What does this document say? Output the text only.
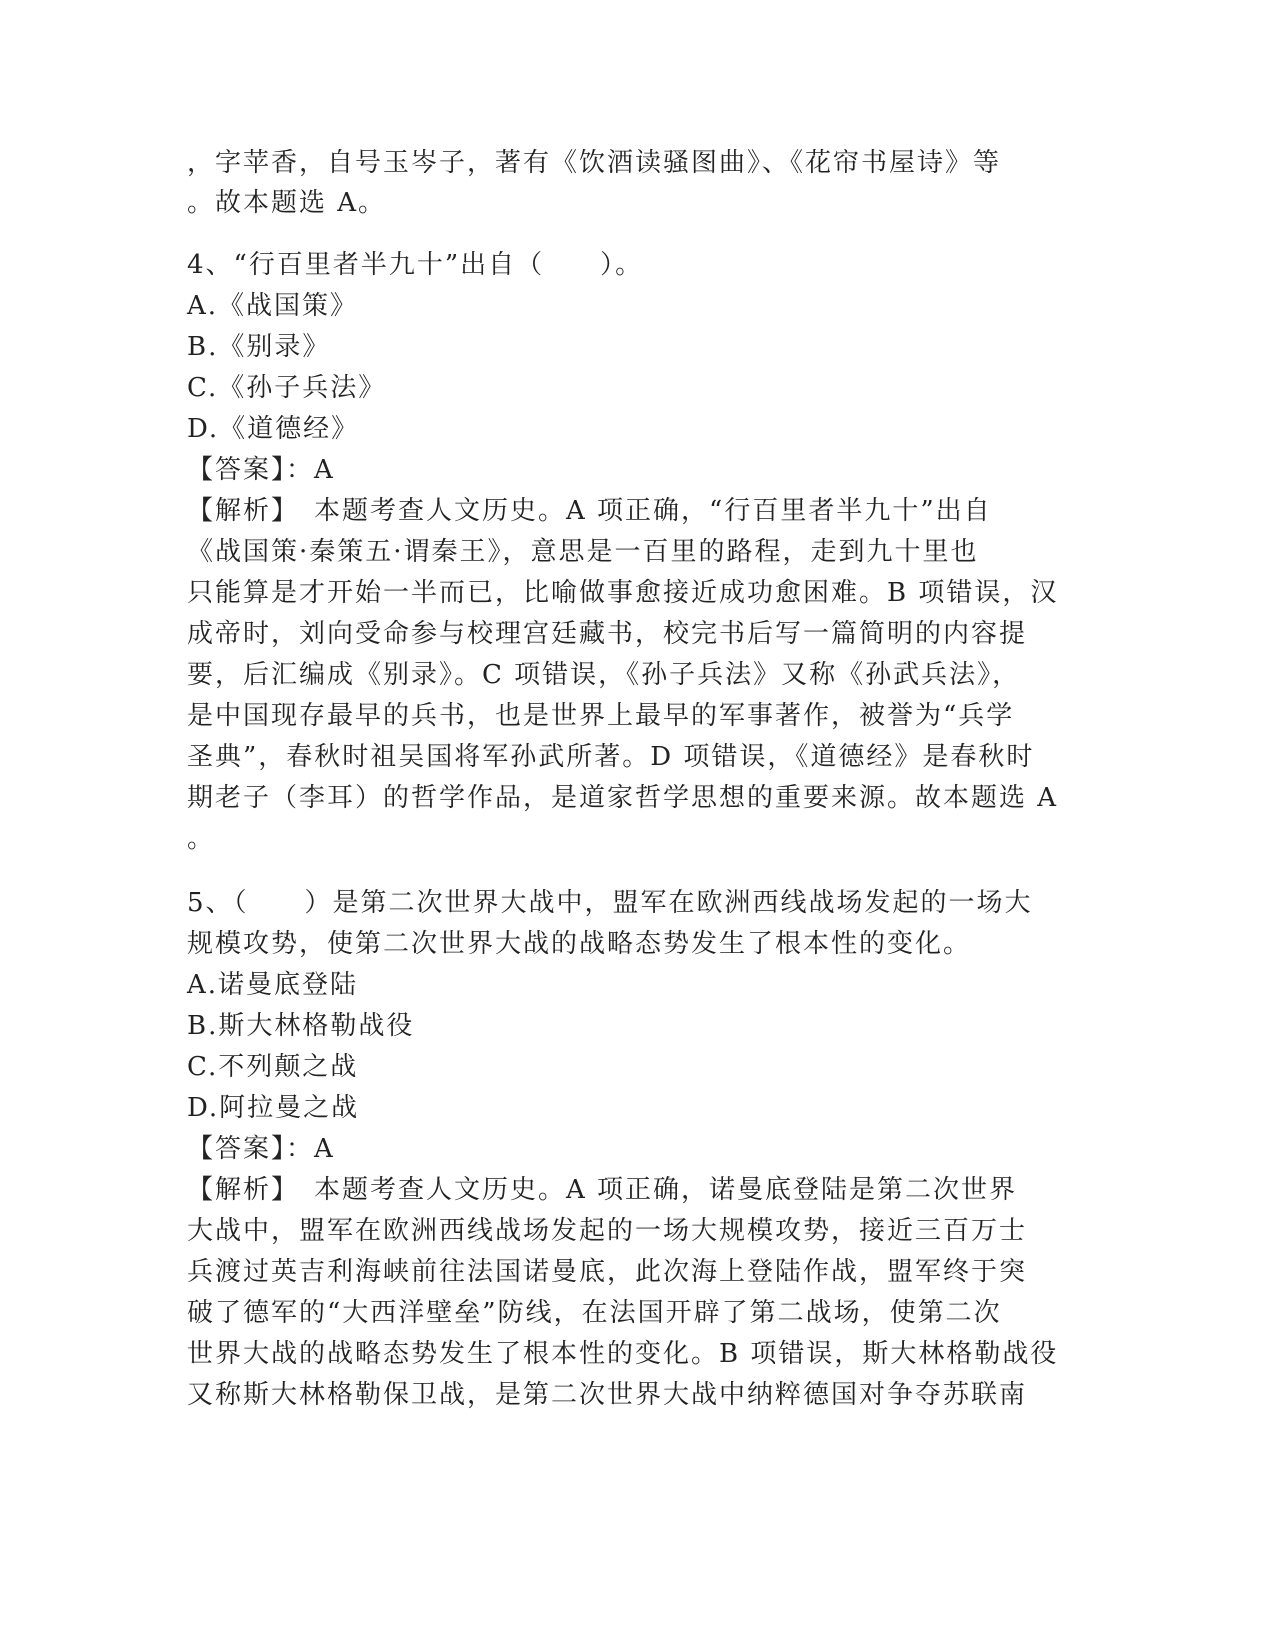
，字苹香，自号玉岑子，著有《饮酒读骚图曲》、《花帘书屋诗》等
。故本题选 A。
4、“行百里者半九十”出自（　　）。
A.《战国策》
B.《别录》
C.《孙子兵法》
D.《道德经》
【答案】：A
【解析】　本题考查人文历史。A 项正确，“行百里者半九十”出自
《战国策·秦策五·谓秦王》，意思是一百里的路程，走到九十里也
只能算是才开始一半而已，比喻做事愈接近成功愈困难。B 项错误，汉
成帝时，刘向受命参与校理宫廷藏书，校完书后写一篇简明的内容提
要，后汇编成《别录》。C 项错误，《孙子兵法》又称《孙武兵法》，
是中国现存最早的兵书，也是世界上最早的军事著作，被誉为“兵学
圣典”，春秋时祖吴国将军孙武所著。D 项错误，《道德经》是春秋时
期老子（李耳）的哲学作品，是道家哲学思想的重要来源。故本题选 A
。
5、（　　）是第二次世界大战中，盟军在欧洲西线战场发起的一场大
规模攻势，使第二次世界大战的战略态势发生了根本性的变化。
A.诺曼底登陆
B.斯大林格勒战役
C.不列颠之战
D.阿拉曼之战
【答案】：A
【解析】　本题考查人文历史。A 项正确，诺曼底登陆是第二次世界
大战中，盟军在欧洲西线战场发起的一场大规模攻势，接近三百万士
兵渡过英吉利海峡前往法国诺曼底，此次海上登陆作战，盟军终于突
破了德军的“大西洋壁垒”防线，在法国开辟了第二战场，使第二次
世界大战的战略态势发生了根本性的变化。B 项错误，斯大林格勒战役
又称斯大林格勒保卫战，是第二次世界大战中纳粹德国对争夺苏联南
